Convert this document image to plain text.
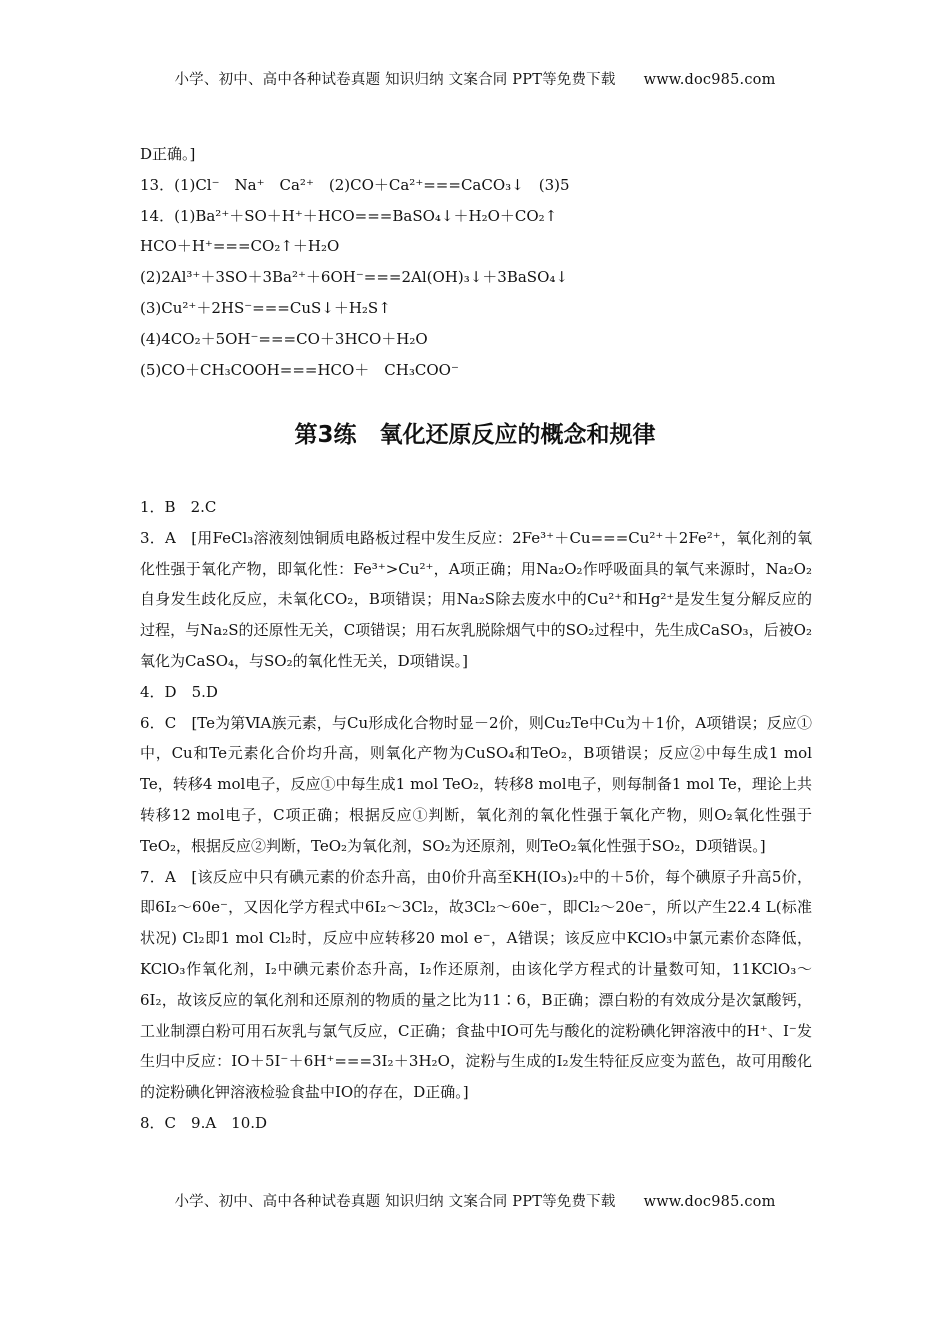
小学、初中、高中各种试卷真题 知识归纳 文案合同 PPT等免费下载 www.doc985.com
D正确。]
13．(1)Cl⁻　Na⁺　Ca²⁺　(2)CO＋Ca²⁺===CaCO₃↓　(3)5
14．(1)Ba²⁺＋SO＋H⁺＋HCO===BaSO₄↓＋H₂O＋CO₂↑
HCO＋H⁺===CO₂↑＋H₂O
(2)2Al³⁺＋3SO＋3Ba²⁺＋6OH⁻===2Al(OH)₃↓＋3BaSO₄↓
(3)Cu²⁺＋2HS⁻===CuS↓＋H₂S↑
(4)4CO₂＋5OH⁻===CO＋3HCO＋H₂O
(5)CO＋CH₃COOH===HCO＋　CH₃COO⁻
第3练　氧化还原反应的概念和规律
1．B　2.C
3．A　[用FeCl₃溶液刻蚀铜质电路板过程中发生反应：2Fe³⁺＋Cu===Cu²⁺＋2Fe²⁺，氧化剂的氧化性强于氧化产物，即氧化性：Fe³⁺>Cu²⁺，A项正确；用Na₂O₂作呼吸面具的氧气来源时，Na₂O₂自身发生歧化反应，未氧化CO₂，B项错误；用Na₂S除去废水中的Cu²⁺和Hg²⁺是发生复分解反应的过程，与Na₂S的还原性无关，C项错误；用石灰乳脱除烟气中的SO₂过程中，先生成CaSO₃，后被O₂氧化为CaSO₄，与SO₂的氧化性无关，D项错误。]
4．D　5.D
6．C　[Te为第ⅥA族元素，与Cu形成化合物时显－2价，则Cu₂Te中Cu为＋1价，A项错误；反应①中，Cu和Te元素化合价均升高，则氧化产物为CuSO₄和TeO₂，B项错误；反应②中每生成1 mol Te，转移4 mol电子，反应①中每生成1 mol TeO₂，转移8 mol电子，则每制备1 mol Te，理论上共转移12 mol电子，C项正确；根据反应①判断，氧化剂的氧化性强于氧化产物，则O₂氧化性强于TeO₂，根据反应②判断，TeO₂为氧化剂，SO₂为还原剂，则TeO₂氧化性强于SO₂，D项错误。]
7．A　[该反应中只有碘元素的价态升高，由0价升高至KH(IO₃)₂中的＋5价，每个碘原子升高5价，即6I₂～60e⁻，又因化学方程式中6I₂～3Cl₂，故3Cl₂～60e⁻，即Cl₂～20e⁻，所以产生22.4 L(标准状况) Cl₂即1 mol Cl₂时，反应中应转移20 mol e⁻，A错误；该反应中KClO₃中氯元素价态降低，KClO₃作氧化剂，I₂中碘元素价态升高，I₂作还原剂，由该化学方程式的计量数可知，11KClO₃～6I₂，故该反应的氧化剂和还原剂的物质的量之比为11∶6，B正确；漂白粉的有效成分是次氯酸钙，工业制漂白粉可用石灰乳与氯气反应，C正确；食盐中IO可先与酸化的淀粉碘化钾溶液中的H⁺、I⁻发生归中反应：IO＋5I⁻＋6H⁺===3I₂＋3H₂O，淀粉与生成的I₂发生特征反应变为蓝色，故可用酸化的淀粉碘化钾溶液检验食盐中IO的存在，D正确。]
8．C　9.A　10.D
小学、初中、高中各种试卷真题 知识归纳 文案合同 PPT等免费下载 www.doc985.com
